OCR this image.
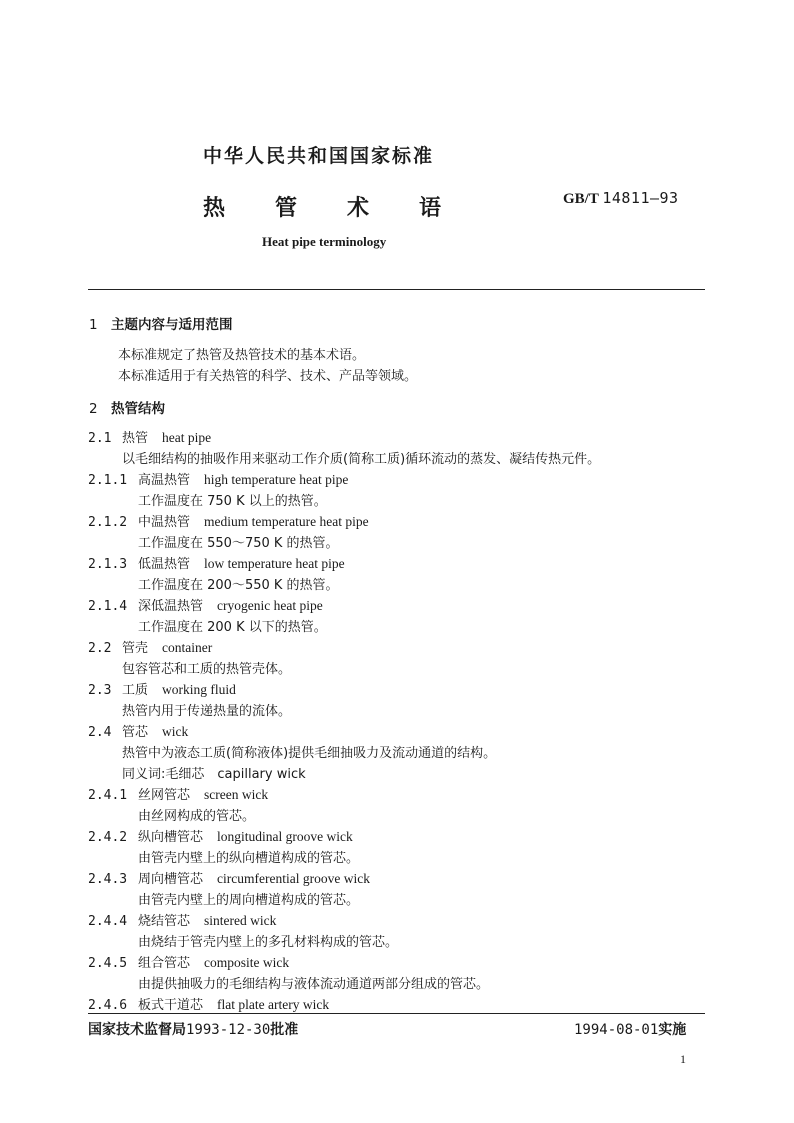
中华人民共和国国家标准
热 管 术 语	GB/T 14811—93
Heat pipe terminology
1 主题内容与适用范围
本标准规定了热管及热管技术的基本术语。
本标准适用于有关热管的科学、技术、产品等领域。
2 热管结构
2.1 热管 heat pipe
以毛细结构的抽吸作用来驱动工作介质(简称工质)循环流动的蒸发、凝结传热元件。
2.1.1 高温热管 high temperature heat pipe
工作温度在 750 K 以上的热管。
2.1.2 中温热管 medium temperature heat pipe
工作温度在 550～750 K 的热管。
2.1.3 低温热管 low temperature heat pipe
工作温度在 200～550 K 的热管。
2.1.4 深低温热管 cryogenic heat pipe
工作温度在 200 K 以下的热管。
2.2 管壳 container
包容管芯和工质的热管壳体。
2.3 工质 working fluid
热管内用于传递热量的流体。
2.4 管芯 wick
热管中为液态工质(简称液体)提供毛细抽吸力及流动通道的结构。
同义词:毛细芯　capillary wick
2.4.1 丝网管芯 screen wick
由丝网构成的管芯。
2.4.2 纵向槽管芯 longitudinal groove wick
由管壳内壁上的纵向槽道构成的管芯。
2.4.3 周向槽管芯 circumferential groove wick
由管壳内壁上的周向槽道构成的管芯。
2.4.4 烧结管芯 sintered wick
由烧结于管壳内壁上的多孔材料构成的管芯。
2.4.5 组合管芯 composite wick
由提供抽吸力的毛细结构与液体流动通道两部分组成的管芯。
2.4.6 板式干道芯 flat plate artery wick
国家技术监督局1993-12-30批准	1994-08-01实施
1
